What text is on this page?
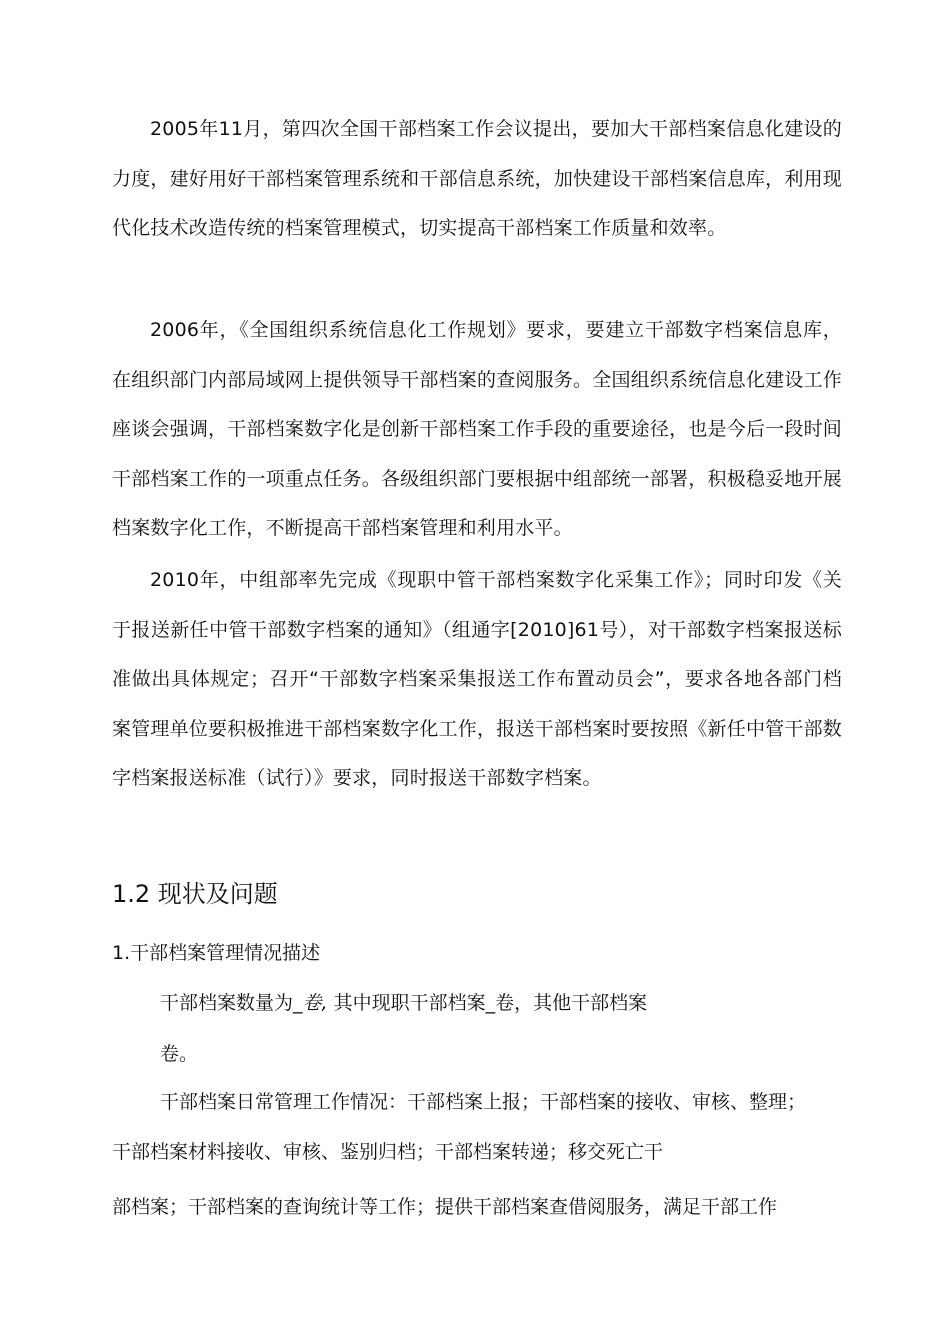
2005年11月，第四次全国干部档案工作会议提出，要加大干部档案信息化建设的力度，建好用好干部档案管理系统和干部信息系统，加快建设干部档案信息库，利用现代化技术改造传统的档案管理模式，切实提高干部档案工作质量和效率。

2006年，《全国组织系统信息化工作规划》要求，要建立干部数字档案信息库，在组织部门内部局域网上提供领导干部档案的查阅服务。全国组织系统信息化建设工作座谈会强调，干部档案数字化是创新干部档案工作手段的重要途径，也是今后一段时间干部档案工作的一项重点任务。各级组织部门要根据中组部统一部署，积极稳妥地开展档案数字化工作，不断提高干部档案管理和利用水平。

2010年，中组部率先完成《现职中管干部档案数字化采集工作》；同时印发《关于报送新任中管干部数字档案的通知》（组通字[2010]61号），对干部数字档案报送标准做出具体规定；召开“干部数字档案采集报送工作布置动员会”，要求各地各部门档案管理单位要积极推进干部档案数字化工作，报送干部档案时要按照《新任中管干部数字档案报送标准（试行）》要求，同时报送干部数字档案。

1.2 现状及问题
1.干部档案管理情况描述
干部档案数量为_卷, 其中现职干部档案_卷，其他干部档案
卷。
干部档案日常管理工作情况：干部档案上报；干部档案的接收、审核、整理；
干部档案材料接收、审核、鉴别归档；干部档案转递；移交死亡干
部档案；干部档案的查询统计等工作；提供干部档案查借阅服务，满足干部工作
